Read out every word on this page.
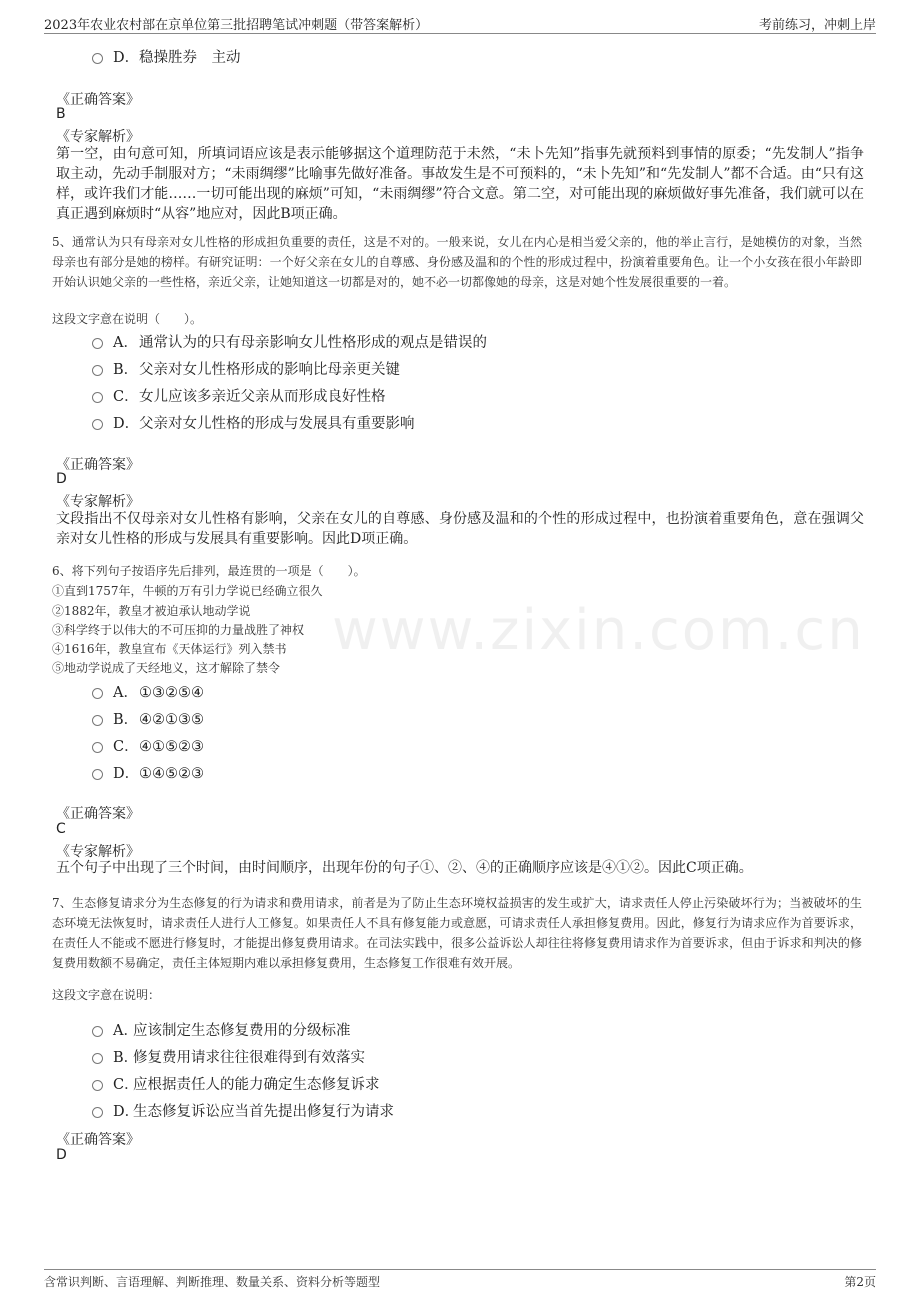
2023年农业农村部在京单位第三批招聘笔试冲刺题（带答案解析）	考前练习，冲刺上岸
www.zixin.com.cn
D．稳操胜券　主动
《正确答案》
B
《专家解析》
第一空，由句意可知，所填词语应该是表示能够据这个道理防范于未然，“未卜先知”指事先就预料到事情的原委；“先发制人”指争取主动，先动手制服对方；“未雨绸缪”比喻事先做好准备。事故发生是不可预料的，“未卜先知”和“先发制人”都不合适。由“只有这样，或许我们才能……一切可能出现的麻烦”可知，“未雨绸缪”符合文意。第二空，对可能出现的麻烦做好事先准备，我们就可以在真正遇到麻烦时“从容”地应对，因此B项正确。
5、通常认为只有母亲对女儿性格的形成担负重要的责任，这是不对的。一般来说，女儿在内心是相当爱父亲的，他的举止言行，是她模仿的对象，当然母亲也有部分是她的榜样。有研究证明：一个好父亲在女儿的自尊感、身份感及温和的个性的形成过程中，扮演着重要角色。让一个小女孩在很小年龄即开始认识她父亲的一些性格，亲近父亲，让她知道这一切都是对的，她不必一切都像她的母亲，这是对她个性发展很重要的一着。
这段文字意在说明（　　）。
A．通常认为的只有母亲影响女儿性格形成的观点是错误的
B．父亲对女儿性格形成的影响比母亲更关键
C．女儿应该多亲近父亲从而形成良好性格
D．父亲对女儿性格的形成与发展具有重要影响
《正确答案》
D
《专家解析》
文段指出不仅母亲对女儿性格有影响，父亲在女儿的自尊感、身份感及温和的个性的形成过程中，也扮演着重要角色，意在强调父亲对女儿性格的形成与发展具有重要影响。因此D项正确。
6、将下列句子按语序先后排列，最连贯的一项是（　　）。
①直到1757年，牛顿的万有引力学说已经确立很久
②1882年，教皇才被迫承认地动学说
③科学终于以伟大的不可压抑的力量战胜了神权
④1616年，教皇宣布《天体运行》列入禁书
⑤地动学说成了天经地义，这才解除了禁令
A．①③②⑤④
B．④②①③⑤
C．④①⑤②③
D．①④⑤②③
《正确答案》
C
《专家解析》
五个句子中出现了三个时间，由时间顺序，出现年份的句子①、②、④的正确顺序应该是④①②。因此C项正确。
7、生态修复请求分为生态修复的行为请求和费用请求，前者是为了防止生态环境权益损害的发生或扩大，请求责任人停止污染破坏行为；当被破坏的生态环境无法恢复时，请求责任人进行人工修复。如果责任人不具有修复能力或意愿，可请求责任人承担修复费用。因此，修复行为请求应作为首要诉求，在责任人不能或不愿进行修复时，才能提出修复费用请求。在司法实践中，很多公益诉讼人却往往将修复费用请求作为首要诉求，但由于诉求和判决的修复费用数额不易确定，责任主体短期内难以承担修复费用，生态修复工作很难有效开展。
这段文字意在说明：
A．应该制定生态修复费用的分级标准
B．修复费用请求往往很难得到有效落实
C．应根据责任人的能力确定生态修复诉求
D．生态修复诉讼应当首先提出修复行为请求
《正确答案》
D
含常识判断、言语理解、判断推理、数量关系、资料分析等题型	第2页
